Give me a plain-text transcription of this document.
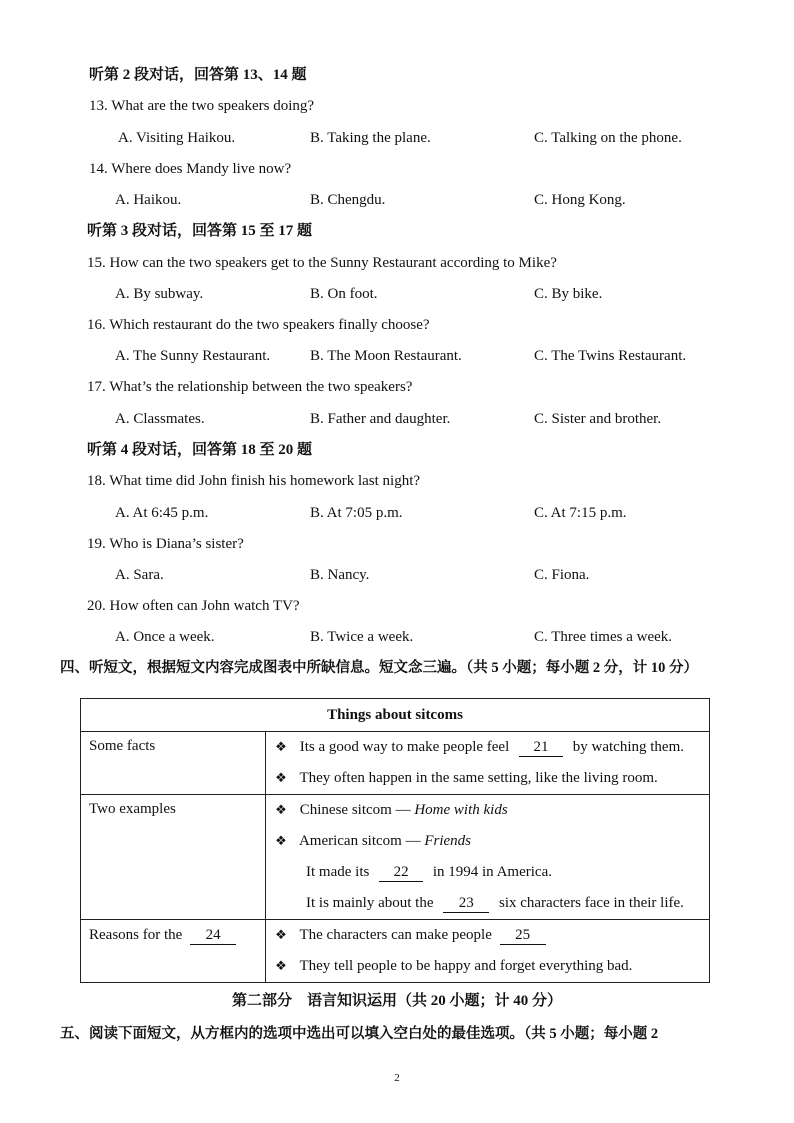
听第 2 段对话，回答第 13、14 题
13. What are the two speakers doing?
A. Visiting Haikou.	B. Taking the plane.	C. Talking on the phone.
14. Where does Mandy live now?
A. Haikou.	B. Chengdu.	C. Hong Kong.
听第 3 段对话，回答第 15 至 17 题
15. How can the two speakers get to the Sunny Restaurant according to Mike?
A. By subway.	B. On foot.	C. By bike.
16. Which restaurant do the two speakers finally choose?
A. The Sunny Restaurant.	B. The Moon Restaurant.	C. The Twins Restaurant.
17. What’s the relationship between the two speakers?
A. Classmates.	B. Father and daughter.	C. Sister and brother.
听第 4 段对话，回答第 18 至 20 题
18. What time did John finish his homework last night?
A. At 6:45 p.m.	B. At 7:05 p.m.	C. At 7:15 p.m.
19. Who is Diana’s sister?
A. Sara.	B. Nancy.	C. Fiona.
20. How often can John watch TV?
A. Once a week.	B. Twice a week.	C. Three times a week.
四、听短文，根据短文内容完成图表中所缺信息。短文念三遍。（共 5 小题；每小题 2 分，计 10 分）
Things about sitcoms	
Some facts	❖ Its a good way to make people feel 21 by watching them.
❖ They often happen in the same setting, like the living room.

Two examples	❖ Chinese sitcom — Home with kids
❖ American sitcom — Friends
It made its 22 in 1994 in America.
It is mainly about the 23 six characters face in their life.

Reasons for the 24	❖ The characters can make people 25
❖ They tell people to be happy and forget everything bad.
第二部分　语言知识运用（共 20 小题；计 40 分）
五、阅读下面短文，从方框内的选项中选出可以填入空白处的最佳选项。（共 5 小题；每小题 2
2
